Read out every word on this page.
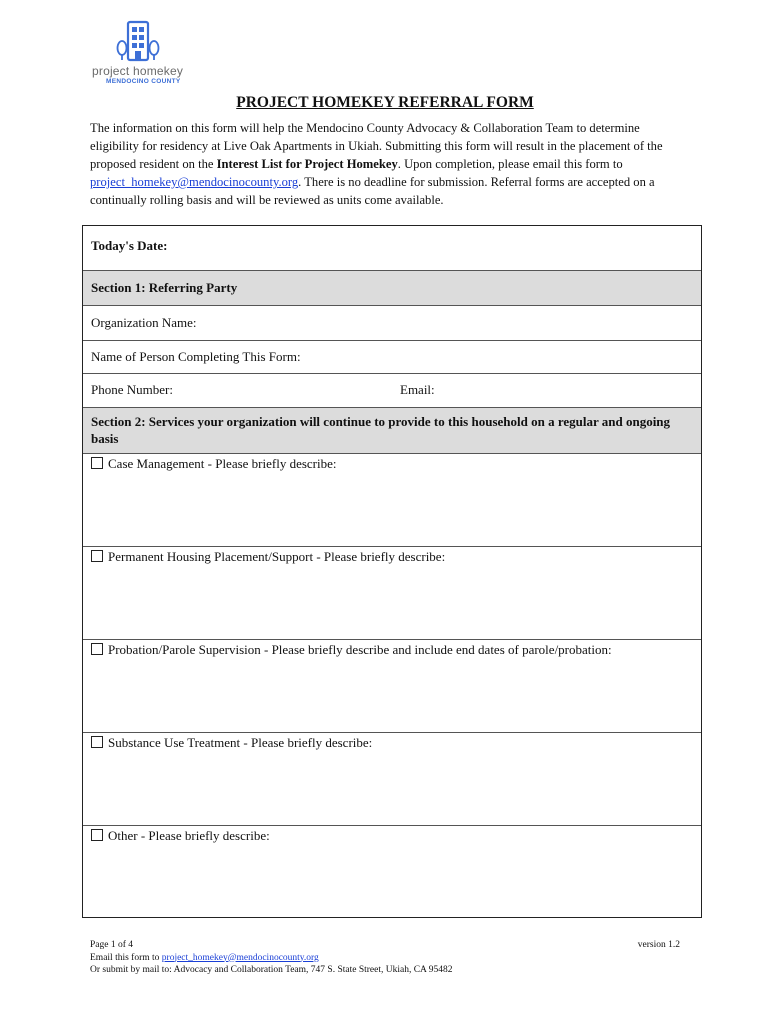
project homekey
MENDOCINO COUNTY
PROJECT HOMEKEY REFERRAL FORM
The information on this form will help the Mendocino County Advocacy & Collaboration Team to determine eligibility for residency at Live Oak Apartments in Ukiah. Submitting this form will result in the placement of the proposed resident on the Interest List for Project Homekey. Upon completion, please email this form to project_homekey@mendocinocounty.org. There is no deadline for submission. Referral forms are accepted on a continually rolling basis and will be reviewed as units come available.
Today's Date:
Section 1: Referring Party
Organization Name:
Name of Person Completing This Form:
Phone Number:	Email:
Section 2: Services your organization will continue to provide to this household on a regular and ongoing basis
Case Management - Please briefly describe:
Permanent Housing Placement/Support - Please briefly describe:
Probation/Parole Supervision - Please briefly describe and include end dates of parole/probation:
Substance Use Treatment - Please briefly describe:
Other - Please briefly describe:
Page 1 of 4	version 1.2
Email this form to project_homekey@mendocinocounty.org
Or submit by mail to: Advocacy and Collaboration Team, 747 S. State Street, Ukiah, CA 95482
